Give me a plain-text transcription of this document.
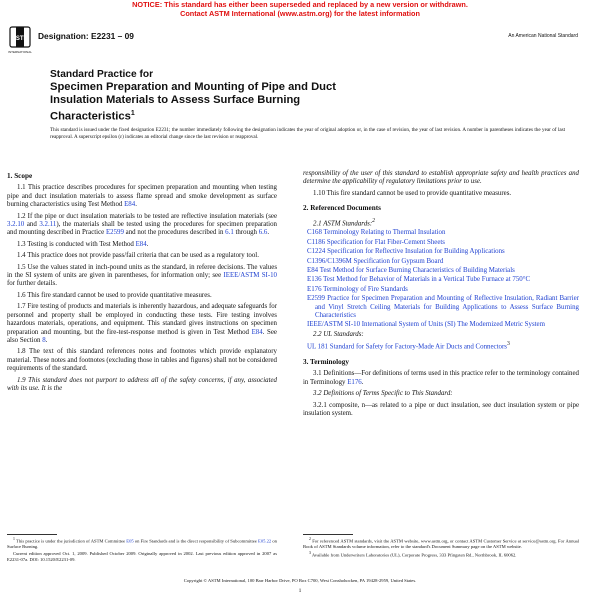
NOTICE: This standard has either been superseded and replaced by a new version or withdrawn.
Contact ASTM International (www.astm.org) for the latest information
ASTM
INTERNATIONAL
Designation: E2231 – 09	An American National Standard
Standard Practice for
Specimen Preparation and Mounting of Pipe and Duct
Insulation Materials to Assess Surface Burning
Characteristics$^1$
This standard is issued under the fixed designation E2231; the number immediately following the designation indicates the year of original adoption or, in the case of revision, the year of last revision. A number in parentheses indicates the year of last reapproval. A superscript epsilon (ε) indicates an editorial change since the last revision or reapproval.
1. Scope

1.1 This practice describes procedures for specimen preparation and mounting when testing pipe and duct insulation materials to assess flame spread and smoke development as surface burning characteristics using Test Method E84.

1.2 If the pipe or duct insulation materials to be tested are reflective insulation materials (see 3.2.10 and 3.2.11), the materials shall be tested using the procedures for specimen preparation and mounting described in Practice E2599 and not the procedures described in 6.1 through 6.6.

1.3 Testing is conducted with Test Method E84.

1.4 This practice does not provide pass/fail criteria that can be used as a regulatory tool.

1.5 Use the values stated in inch-pound units as the standard, in referee decisions. The values in the SI system of units are given in parentheses, for information only; see IEEE/ASTM SI-10 for further details.

1.6 This fire standard cannot be used to provide quantitative measures.

1.7 Fire testing of products and materials is inherently hazardous, and adequate safeguards for personnel and property shall be employed in conducting these tests. Fire testing involves hazardous materials, operations, and equipment. This standard gives instructions on specimen preparation and mounting, but the fire-test-response method is given in Test Method E84. See also Section 8.

1.8 The text of this standard references notes and footnotes which provide explanatory material. These notes and footnotes (excluding those in tables and figures) shall not be considered requirements of the standard.

1.9 This standard does not purport to address all of the safety concerns, if any, associated with its use. It is the

responsibility of the user of this standard to establish appropriate safety and health practices and determine the applicability of regulatory limitations prior to use.

1.10 This fire standard cannot be used to provide quantitative measures.

2. Referenced Documents

2.1 ASTM Standards:$^2$

C168 Terminology Relating to Thermal Insulation

C1186 Specification for Flat Fiber-Cement Sheets

C1224 Specification for Reflective Insulation for Building Applications

C1396/C1396M Specification for Gypsum Board

E84 Test Method for Surface Burning Characteristics of Building Materials

E136 Test Method for Behavior of Materials in a Vertical Tube Furnace at 750°C

E176 Terminology of Fire Standards

E2599 Practice for Specimen Preparation and Mounting of Reflective Insulation, Radiant Barrier and Vinyl Stretch Ceiling Materials for Building Applications to Assess Surface Burning Characteristics

IEEE/ASTM SI-10 International System of Units (SI) The Modernized Metric System

2.2 UL Standards:

UL 181 Standard for Safety for Factory-Made Air Ducts and Connectors$^3$

3. Terminology

3.1 Definitions—For definitions of terms used in this practice refer to the terminology contained in Terminology E176.

3.2 Definitions of Terms Specific to This Standard:

3.2.1 composite, n—as related to a pipe or duct insulation, see duct insulation system or pipe insulation system.

$^1$ This practice is under the jurisdiction of ASTM Committee E05 on Fire Standards and is the direct responsibility of Subcommittee E05.22 on Surface Burning.

Current edition approved Oct. 1, 2009. Published October 2009. Originally approved in 2002. Last previous edition approved in 2007 as E2231-07a. DOI: 10.1520/E2231-09.

$^2$ For referenced ASTM standards, visit the ASTM website, www.astm.org, or contact ASTM Customer Service at service@astm.org. For Annual Book of ASTM Standards volume information, refer to the standard's Document Summary page on the ASTM website.

$^3$ Available from Underwriters Laboratories (UL), Corporate Progress, 333 Pfingsten Rd., Northbrook, IL 60062.

Copyright © ASTM International, 100 Barr Harbor Drive, PO Box C700, West Conshohocken, PA 19428-2959, United States.
1
